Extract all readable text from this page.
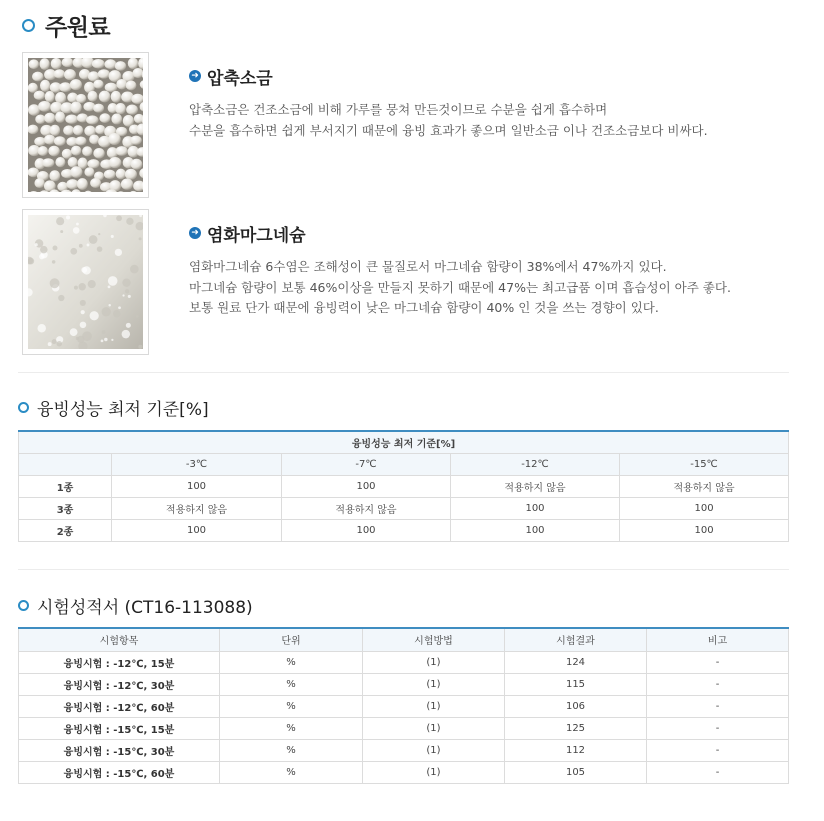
주원료
➜ 압축소금
압축소금은 건조소금에 비해 가루를 뭉쳐 만든것이므로 수분을 쉽게 흡수하며
수분을 흡수하면 쉽게 부서지기 때문에 융빙 효과가 좋으며 일반소금 이나 건조소금보다 비싸다.
➜ 염화마그네슘
염화마그네슘 6수염은 조해성이 큰 물질로서 마그네슘 함량이 38%에서 47%까지 있다.
마그네슘 함량이 보통 46%이상을 만들지 못하기 때문에 47%는 최고급품 이며 흡습성이 아주 좋다.
보통 원료 단가 때문에 융빙력이 낮은 마그네슘 함량이 40% 인 것을 쓰는 경향이 있다.
융빙성능 최저 기준[%]
융빙성능 최저 기준[%]				
	-3℃	-7℃	-12℃	-15℃
1종	100	100	적용하지 않음	적용하지 않음
3종	적용하지 않음	적용하지 않음	100	100
2종	100	100	100	100
시험성적서 (CT16-113088)
시험항목	단위	시험방법	시험결과	비고
융빙시험 : -12℃, 15분	%	(1)	124	-
융빙시험 : -12℃, 30분	%	(1)	115	-
융빙시험 : -12℃, 60분	%	(1)	106	-
융빙시험 : -15℃, 15분	%	(1)	125	-
융빙시험 : -15℃, 30분	%	(1)	112	-
융빙시험 : -15℃, 60분	%	(1)	105	-
